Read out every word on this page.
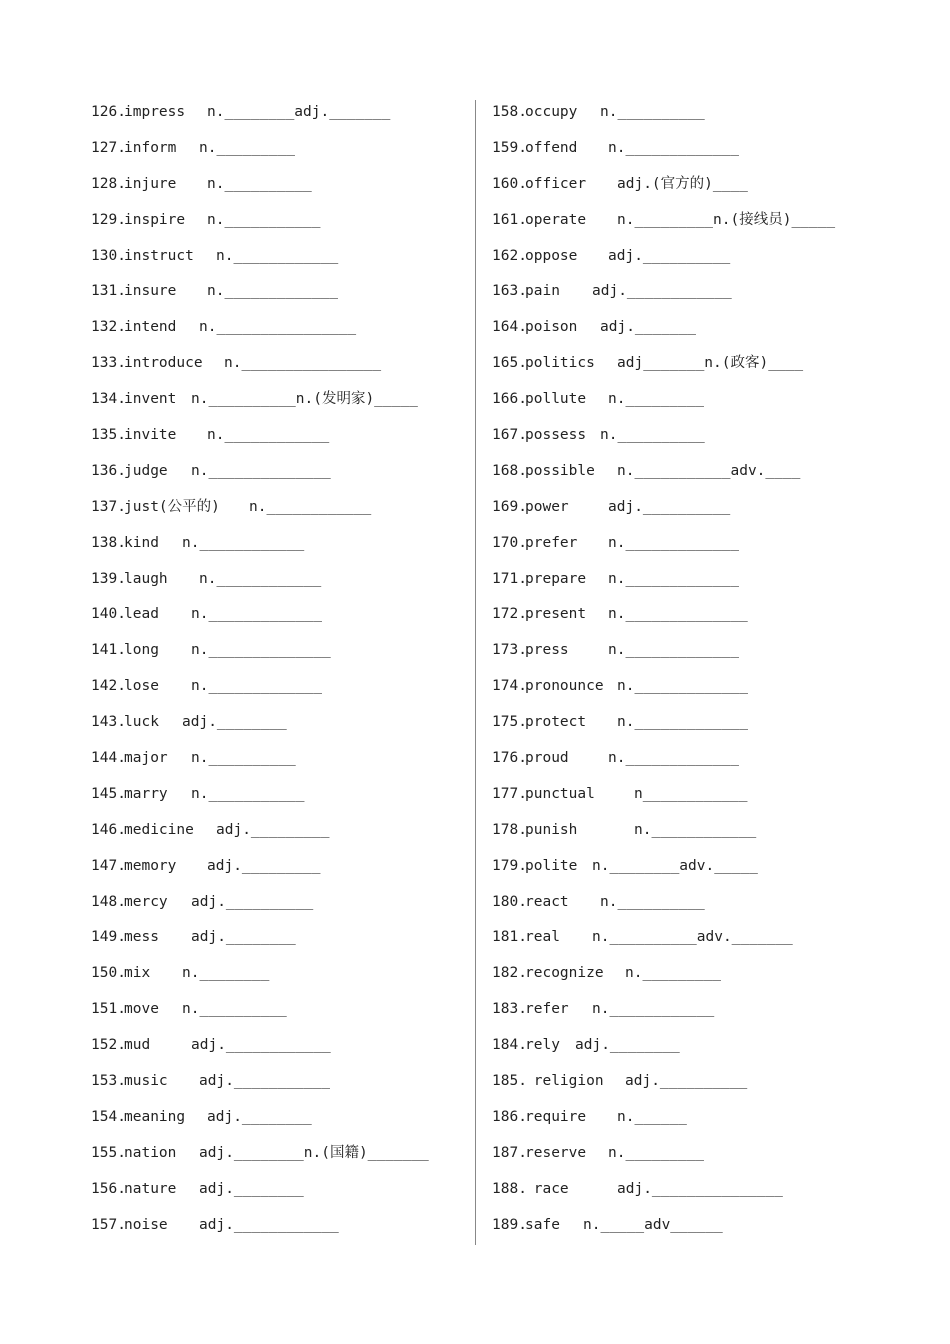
126.
impress n.________adj._______
127.
inform n._________
128.
injure n.__________
129.
inspire n.___________
130.
instruct n.____________
131.
insure n._____________
132.
intend n.________________
133.
introduce n.________________
134.
invent n.__________n.(发明家)_____
135.
invite n.____________
136.
judge n.______________
137.
just(公平的) n.____________
138.
kind n.____________
139.
laugh n.____________
140.
lead n._____________
141.
long n.______________
142.
lose n._____________
143.
luck adj.________
144.
major n.__________
145.
marry n.___________
146.
medicine adj._________
147.
memory adj._________
148.
mercy adj.__________
149.
mess adj.________
150.
mix n.________
151.
move n.__________
152.
mud	adj.____________
153.
music adj.___________
154.
meaning adj.________
155.
nation adj.________n.(国籍)_______
156.
nature adj.________
157.
noise adj.____________
158.
occupy n.__________
159.
offend n._____________
160.
officer adj.(官方的)____
161.
operate n._________n.(接线员)_____
162.
oppose adj.__________
163.
pain adj.____________
164.
poison adj._______
165.
politics adj_______n.(政客)____
166.
pollute n._________
167.
possess n.__________
168.
possible n.___________adv.____
169.
power	adj.__________
170.
prefer n._____________
171.
prepare n._____________
172.
present n.______________
173.
press	n._____________
174.
pronounce n._____________
175.
protect n._____________
176.
proud	n._____________
177.
punctual	n____________
178.
punish	n.____________
179.
polite n.________adv._____
180.
react n.__________
181.
real n.__________adv._______
182.
recognize n._________
183.
refer n.____________
184.
rely adj.________
185.
religion adj.__________
186.
require n.______
187.
reserve n._________
188.
race	adj._______________
189.
safe n._____adv______
